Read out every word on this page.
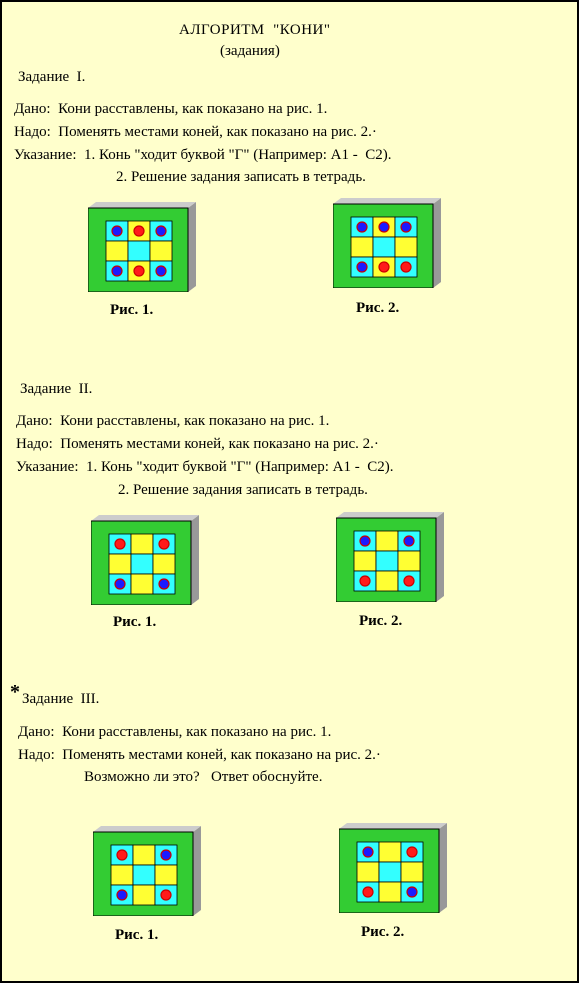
АЛГОРИТМ  "КОНИ"
(задания)
Задание  I.
Дано:  Кони расставлены, как показано на рис. 1.
Надо:  Поменять местами коней, как показано на рис. 2.·
Указание:  1. Конь "ходит буквой "Г" (Например: А1 -  С2).
2. Решение задания записать в тетрадь.
Рис. 1.	Рис. 2.
Задание  II.
Дано:  Кони расставлены, как показано на рис. 1.
Надо:  Поменять местами коней, как показано на рис. 2.·
Указание:  1. Конь "ходит буквой "Г" (Например: А1 -  С2).
2. Решение задания записать в тетрадь.
Рис. 1.	Рис. 2.
* Задание  III.
Дано:  Кони расставлены, как показано на рис. 1.
Надо:  Поменять местами коней, как показано на рис. 2.·
Возможно ли это?   Ответ обоснуйте.
Рис. 1.	Рис. 2.
